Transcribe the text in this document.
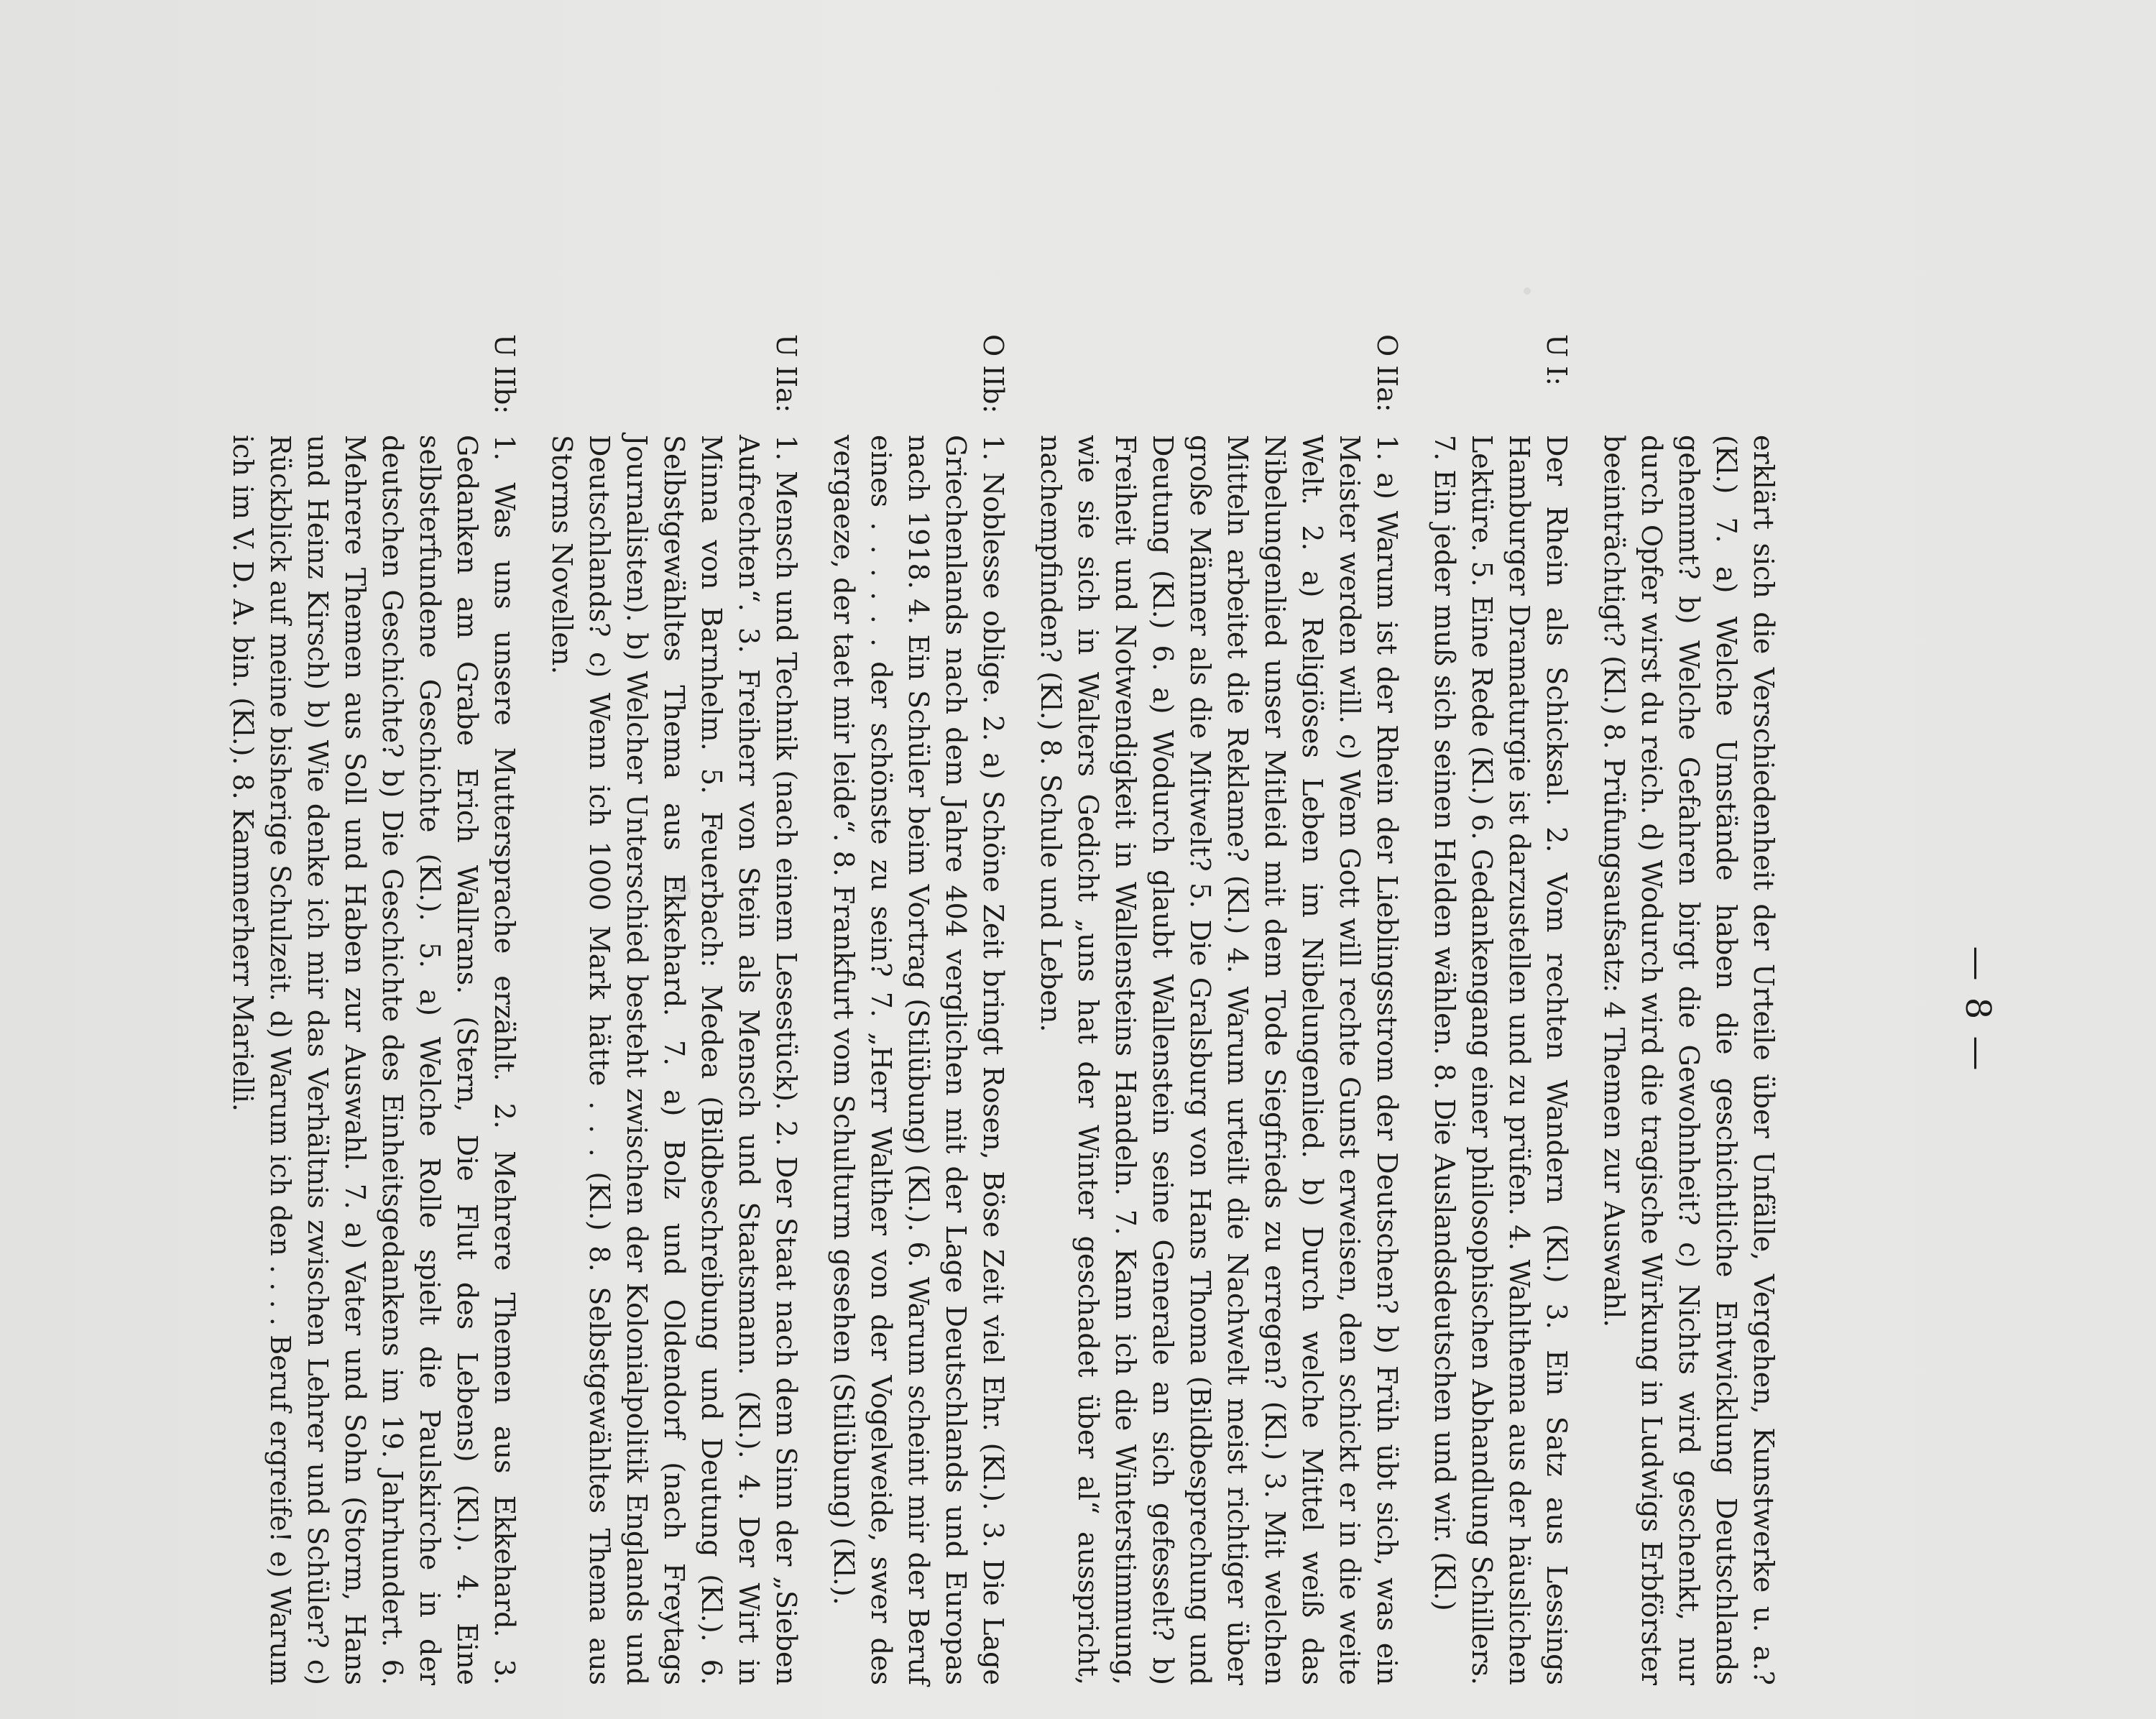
— 8 —
erklärt sich die Verschiedenheit der Urteile über Unfälle, Vergehen, Kunstwerke u. a.? (Kl.) 7. a) Welche Umstände haben die geschichtliche Entwicklung Deutschlands gehemmt? b) Welche Gefahren birgt die Gewohnheit? c) Nichts wird geschenkt, nur durch Opfer wirst du reich. d) Wodurch wird die tragische Wirkung in Ludwigs Erbförster beeinträchtigt? (Kl.) 8. Prüfungsaufsatz: 4 Themen zur Auswahl.
U I:
Der Rhein als Schicksal. 2. Vom rechten Wandern (Kl.) 3. Ein Satz aus Lessings Hamburger Dramaturgie ist darzustellen und zu prüfen. 4. Wahlthema aus der häuslichen Lektüre. 5. Eine Rede (Kl.) 6. Gedankengang einer philosophischen Abhandlung Schillers. 7. Ein jeder muß sich seinen Helden wählen. 8. Die Auslandsdeutschen und wir. (Kl.)
O IIa:
1. a) Warum ist der Rhein der Lieblingsstrom der Deutschen? b) Früh übt sich, was ein Meister werden will. c) Wem Gott will rechte Gunst erweisen, den schickt er in die weite Welt. 2. a) Religiöses Leben im Nibelungenlied. b) Durch welche Mittel weiß das Nibelungenlied unser Mitleid mit dem Tode Siegfrieds zu erregen? (Kl.) 3. Mit welchen Mitteln arbeitet die Reklame? (Kl.) 4. Warum urteilt die Nachwelt meist richtiger über große Männer als die Mitwelt? 5. Die Gralsburg von Hans Thoma (Bildbesprechung und Deutung (Kl.) 6. a) Wodurch glaubt Wallenstein seine Generale an sich gefesselt? b) Freiheit und Notwendigkeit in Wallensteins Handeln. 7. Kann ich die Winterstimmung, wie sie sich in Walters Gedicht „uns hat der Winter geschadet über al“ ausspricht, nachempfinden? (Kl.) 8. Schule und Leben.
O IIb:
1. Noblesse oblige. 2. a) Schöne Zeit bringt Rosen, Böse Zeit viel Ehr. (Kl.). 3. Die Lage Griechenlands nach dem Jahre 404 verglichen mit der Lage Deutschlands und Europas nach 1918. 4. Ein Schüler beim Vortrag (Stilübung) (Kl.). 6. Warum scheint mir der Beruf eines . . . . . . der schönste zu sein? 7. „Herr Walther von der Vogelweide, swer des vergaeze, der taet mir leide“. 8. Frankfurt vom Schulturm gesehen (Stilübung) (Kl.).
U IIa:
1. Mensch und Technik (nach einem Lesestück). 2. Der Staat nach dem Sinn der „Sieben Aufrechten“. 3. Freiherr von Stein als Mensch und Staatsmann. (Kl.). 4. Der Wirt in Minna von Barnhelm. 5. Feuerbach: Medea (Bildbeschreibung und Deutung (Kl.). 6. Selbstgewähltes Thema aus Ekkehard. 7. a) Bolz und Oldendorf (nach Freytags Journalisten). b) Welcher Unterschied besteht zwischen der Kolonialpolitik Englands und Deutschlands? c) Wenn ich 1000 Mark hätte . . . (Kl.) 8. Selbstgewähltes Thema aus Storms Novellen.
U IIb:
1. Was uns unsere Muttersprache erzählt. 2. Mehrere Themen aus Ekkehard. 3. Gedanken am Grabe Erich Wallrans. (Stern, Die Flut des Lebens) (Kl.). 4. Eine selbsterfundene Geschichte (Kl.). 5. a) Welche Rolle spielt die Paulskirche in der deutschen Geschichte? b) Die Geschichte des Einheitsgedankens im 19. Jahrhundert. 6. Mehrere Themen aus Soll und Haben zur Auswahl. 7. a) Vater und Sohn (Storm, Hans und Heinz Kirsch) b) Wie denke ich mir das Verhältnis zwischen Lehrer und Schüler? c) Rückblick auf meine bisherige Schulzeit. d) Warum ich den . . . . Beruf ergreife! e) Warum ich im V. D. A. bin. (Kl.). 8. Kammerherr Marielli.
